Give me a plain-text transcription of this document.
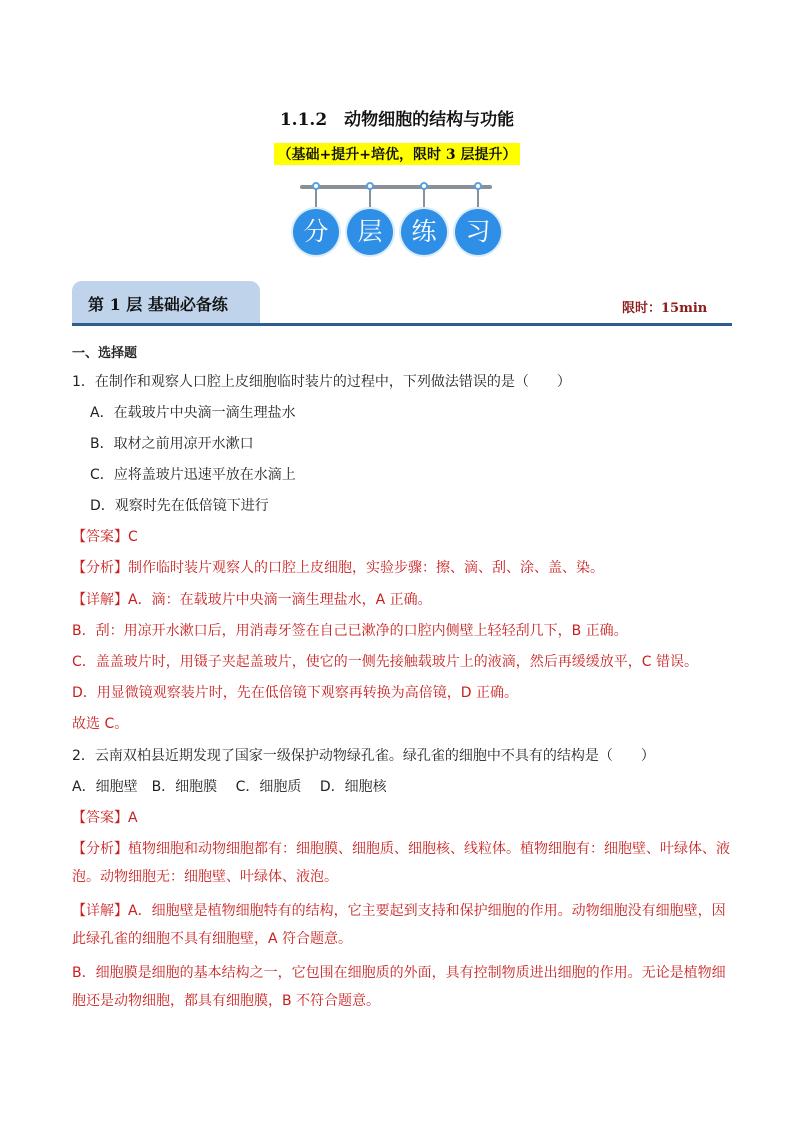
1.1.2　动物细胞的结构与功能
（基础+提升+培优，限时 3 层提升）
分	层	练	习
第 1 层 基础必备练	限时：15min
一、选择题
1．在制作和观察人口腔上皮细胞临时装片的过程中，下列做法错误的是（　　）
A．在载玻片中央滴一滴生理盐水
B．取材之前用凉开水漱口
C．应将盖玻片迅速平放在水滴上
D．观察时先在低倍镜下进行
【答案】C
【分析】制作临时装片观察人的口腔上皮细胞，实验步骤：擦、滴、刮、涂、盖、染。
【详解】A．滴：在载玻片中央滴一滴生理盐水，A 正确。
B．刮：用凉开水漱口后，用消毒牙签在自己已漱净的口腔内侧壁上轻轻刮几下，B 正确。
C．盖盖玻片时，用镊子夹起盖玻片，使它的一侧先接触载玻片上的液滴，然后再缓缓放平，C 错误。
D．用显微镜观察装片时，先在低倍镜下观察再转换为高倍镜，D 正确。
故选 C。
2．云南双柏县近期发现了国家一级保护动物绿孔雀。绿孔雀的细胞中不具有的结构是（　　）
A．细胞壁　B．细胞膜　 C．细胞质　 D．细胞核
【答案】A
【分析】植物细胞和动物细胞都有：细胞膜、细胞质、细胞核、线粒体。植物细胞有：细胞壁、叶绿体、液泡。动物细胞无：细胞壁、叶绿体、液泡。
【详解】A．细胞壁是植物细胞特有的结构，它主要起到支持和保护细胞的作用。动物细胞没有细胞壁，因此绿孔雀的细胞不具有细胞壁，A 符合题意。
B．细胞膜是细胞的基本结构之一，它包围在细胞质的外面，具有控制物质进出细胞的作用。无论是植物细胞还是动物细胞，都具有细胞膜，B 不符合题意。
